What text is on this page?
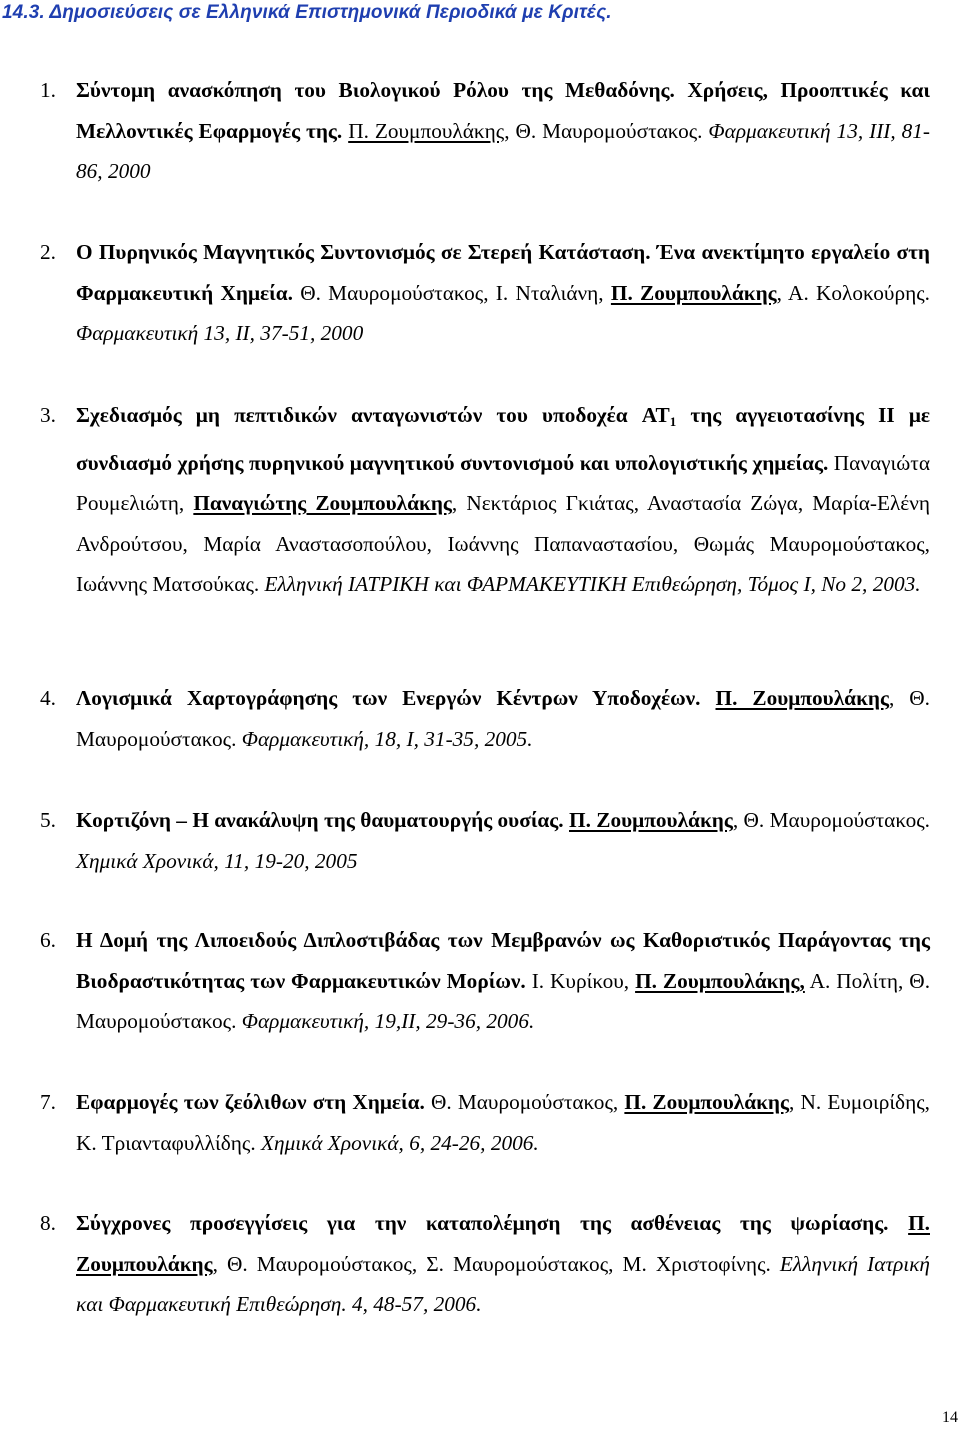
14.3. Δημοσιεύσεις σε Ελληνικά Επιστημονικά Περιοδικά με Κριτές.
1. Σύντομη ανασκόπηση του Βιολογικού Ρόλου της Μεθαδόνης. Χρήσεις, Προοπτικές και Μελλοντικές Εφαρμογές της. Π. Ζουμπουλάκης, Θ. Μαυρομούστακος. Φαρμακευτική 13, III, 81-86, 2000
2. Ο Πυρηνικός Μαγνητικός Συντονισμός σε Στερεή Κατάσταση. Ένα ανεκτίμητο εργαλείο στη Φαρμακευτική Χημεία. Θ. Μαυρομούστακος, Ι. Νταλιάνη, Π. Ζουμπουλάκης, Α. Κολοκούρης. Φαρμακευτική 13, II, 37-51, 2000
3. Σχεδιασμός μη πεπτιδικών ανταγωνιστών του υποδοχέα $AT_1$ της αγγειοτασίνης ΙΙ με συνδιασμό χρήσης πυρηνικού μαγνητικού συντονισμού και υπολογιστικής χημείας. Παναγιώτα Ρουμελιώτη, Παναγιώτης Ζουμπουλάκης, Νεκτάριος Γκιάτας, Αναστασία Ζώγα, Μαρία-Ελένη Ανδρούτσου, Μαρία Αναστασοπούλου, Ιωάννης Παπαναστασίου, Θωμάς Μαυρομούστακος, Ιωάννης Ματσούκας. Ελληνική ΙΑΤΡΙΚΗ και ΦΑΡΜΑΚΕΥΤΙΚΗ Επιθεώρηση, Τόμος Ι, Νο 2, 2003.
4. Λογισμικά Χαρτογράφησης των Ενεργών Κέντρων Υποδοχέων. Π. Ζουμπουλάκης, Θ. Μαυρομούστακος. Φαρμακευτική, 18, I, 31-35, 2005.
5. Κορτιζόνη – Η ανακάλυψη της θαυματουργής ουσίας. Π. Ζουμπουλάκης, Θ. Μαυρομούστακος. Χημικά Χρονικά, 11, 19-20, 2005
6. Η Δομή της Λιποειδούς Διπλοστιβάδας των Μεμβρανών ως Καθοριστικός Παράγοντας της Βιοδραστικότητας των Φαρμακευτικών Μορίων. Ι. Κυρίκου, Π. Ζουμπουλάκης, Α. Πολίτη, Θ. Μαυρομούστακος. Φαρμακευτική, 19,II, 29-36, 2006.
7. Εφαρμογές των ζεόλιθων στη Χημεία. Θ. Μαυρομούστακος, Π. Ζουμπουλάκης, Ν. Ευμοιρίδης, Κ. Τριανταφυλλίδης. Χημικά Χρονικά, 6, 24-26, 2006.
8. Σύγχρονες προσεγγίσεις για την καταπολέμηση της ασθένειας της ψωρίασης. Π. Ζουμπουλάκης, Θ. Μαυρομούστακος, Σ. Μαυρομούστακος, Μ. Χριστοφίνης. Ελληνική Ιατρική και Φαρμακευτική Επιθεώρηση. 4, 48-57, 2006.
14
